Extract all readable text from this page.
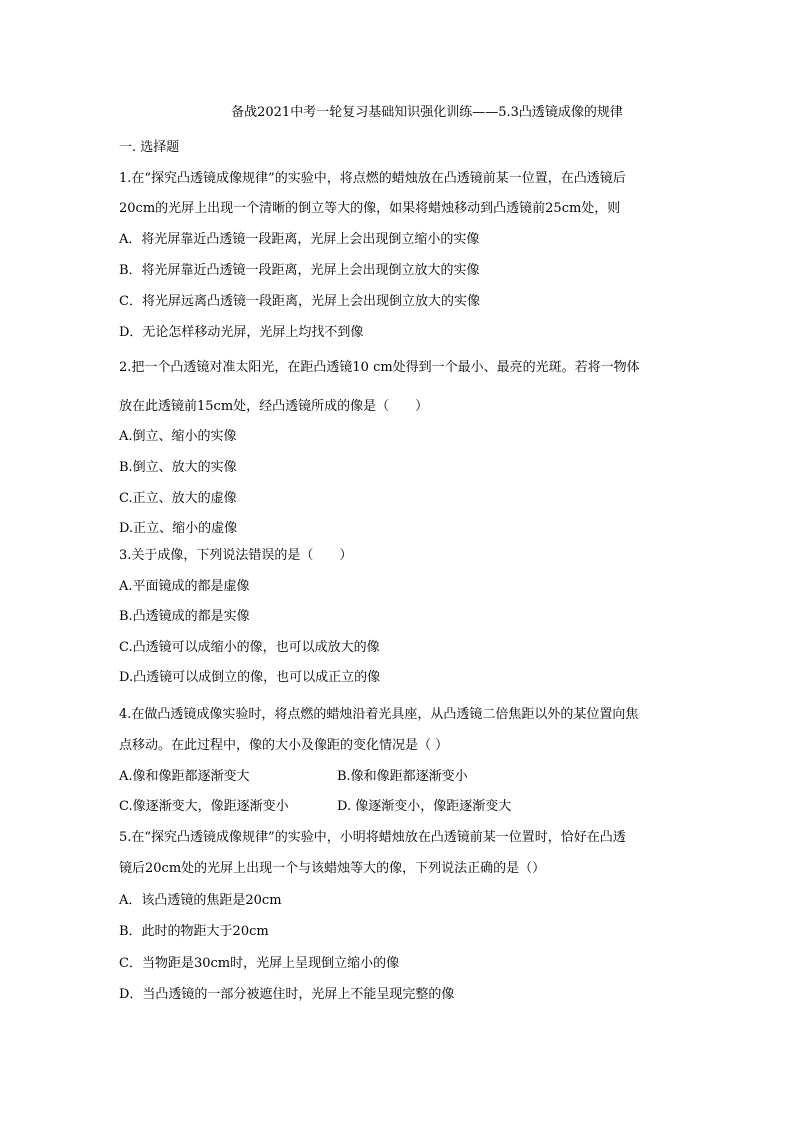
备战2021中考一轮复习基础知识强化训练——5.3凸透镜成像的规律
一. 选择题
1.在“探究凸透镜成像规律”的实验中，将点燃的蜡烛放在凸透镜前某一位置，在凸透镜后
20cm的光屏上出现一个清晰的倒立等大的像，如果将蜡烛移动到凸透镜前25cm处，则
A．将光屏靠近凸透镜一段距离，光屏上会出现倒立缩小的实像
B．将光屏靠近凸透镜一段距离，光屏上会出现倒立放大的实像
C．将光屏远离凸透镜一段距离，光屏上会出现倒立放大的实像
D．无论怎样移动光屏，光屏上均找不到像
2.把一个凸透镜对准太阳光，在距凸透镜10 cm处得到一个最小、最亮的光斑。若将一物体
放在此透镜前15cm处，经凸透镜所成的像是（　　）
A.倒立、缩小的实像
B.倒立、放大的实像
C.正立、放大的虚像
D.正立、缩小的虚像
3.关于成像，下列说法错误的是（　　）
A.平面镜成的都是虚像
B.凸透镜成的都是实像
C.凸透镜可以成缩小的像，也可以成放大的像
D.凸透镜可以成倒立的像，也可以成正立的像
4.在做凸透镜成像实验时，将点燃的蜡烛沿着光具座，从凸透镜二倍焦距以外的某位置向焦
点移动。在此过程中，像的大小及像距的变化情况是（ ）
A.像和像距都逐渐变大	B.像和像距都逐渐变小
C.像逐渐变大，像距逐渐变小	D. 像逐渐变小，像距逐渐变大
5.在“探究凸透镜成像规律”的实验中，小明将蜡烛放在凸透镜前某一位置时，恰好在凸透
镜后20cm处的光屏上出现一个与该蜡烛等大的像，下列说法正确的是（）
A．该凸透镜的焦距是20cm
B．此时的物距大于20cm
C．当物距是30cm时，光屏上呈现倒立缩小的像
D．当凸透镜的一部分被遮住时，光屏上不能呈现完整的像
